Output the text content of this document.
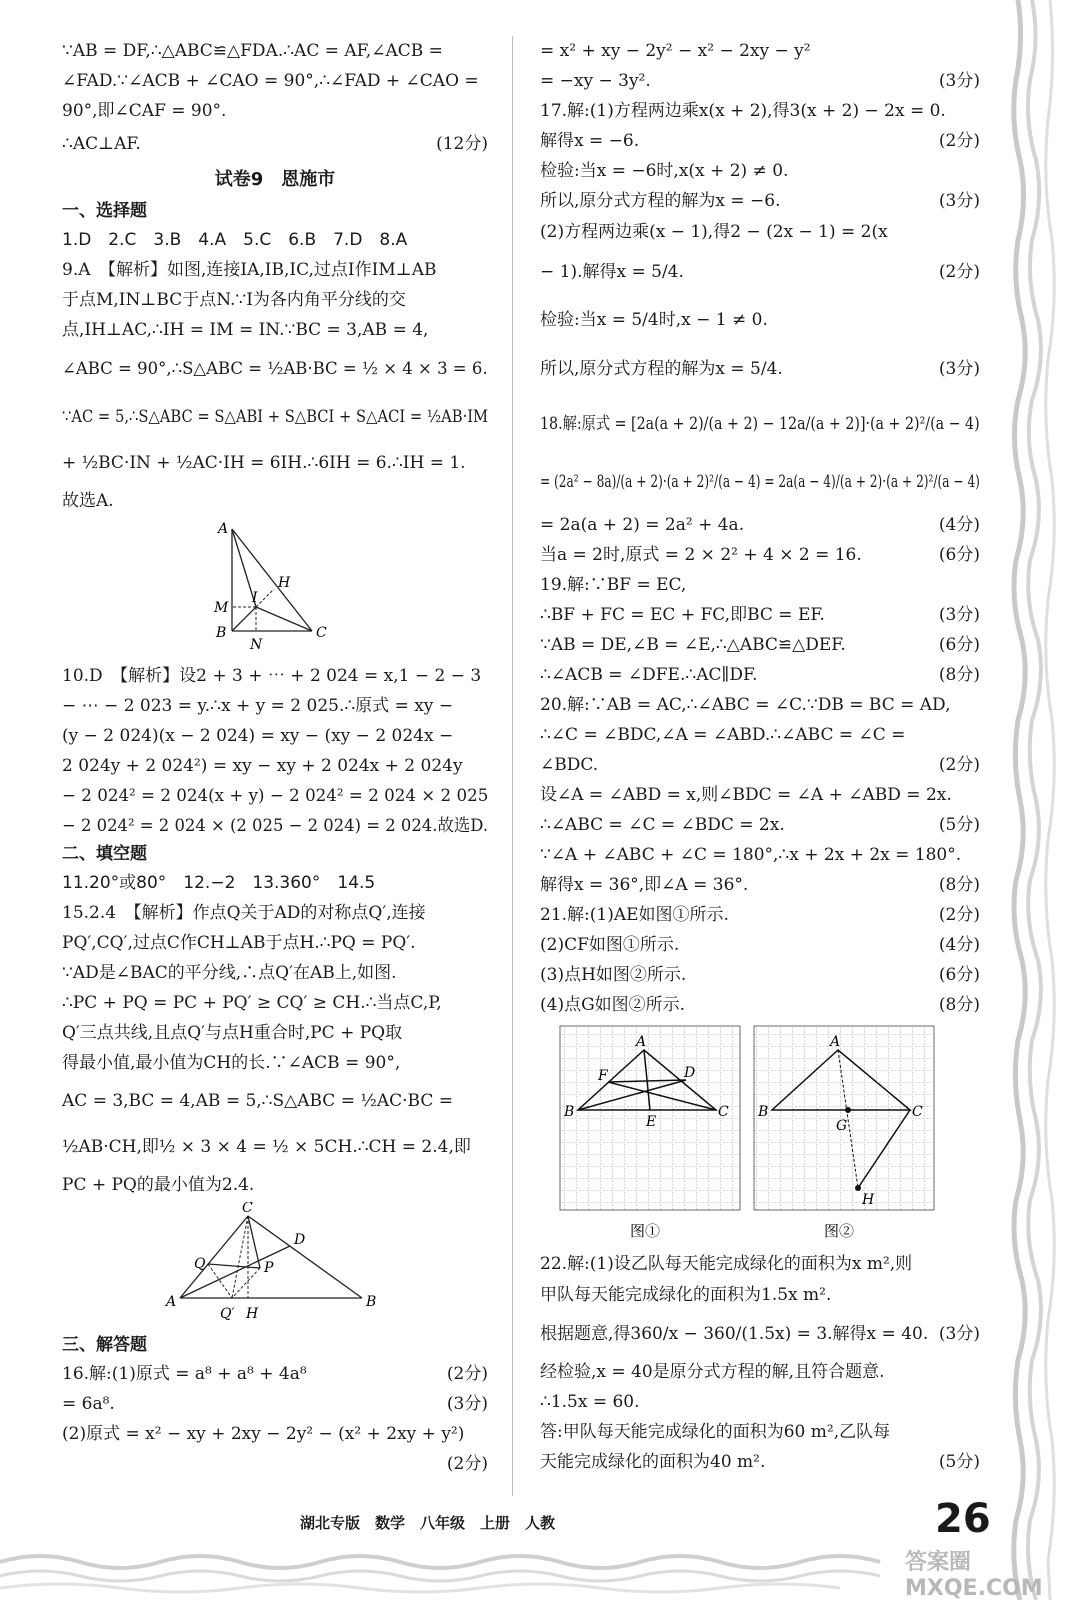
∵AB = DF,∴△ABC≌△FDA.∴AC = AF,∠ACB =
∠FAD.∵∠ACB + ∠CAO = 90°,∴∠FAD + ∠CAO =
90°,即∠CAF = 90°.
∴AC⊥AF.	(12分)
试卷9　恩施市
一、选择题
1.D　2.C　3.B　4.A　5.C　6.B　7.D　8.A
9.A　【解析】如图,连接IA,IB,IC,过点I作IM⊥AB
于点M,IN⊥BC于点N.∵I为各内角平分线的交
点,IH⊥AC,∴IH = IM = IN.∵BC = 3,AB = 4,
∠ABC = 90°,∴S△ABC = ½AB·BC = ½ × 4 × 3 = 6.
∵AC = 5,∴S△ABC = S△ABI + S△BCI + S△ACI = ½AB·IM
+ ½BC·IN + ½AC·IH = 6IH.∴6IH = 6.∴IH = 1.
故选A.
A
H
I
M
B
N
C
10.D　【解析】设2 + 3 + ⋯ + 2 024 = x,1 − 2 − 3
− ⋯ − 2 023 = y.∴x + y = 2 025.∴原式 = xy −
(y − 2 024)(x − 2 024) = xy − (xy − 2 024x −
2 024y + 2 024²) = xy − xy + 2 024x + 2 024y
− 2 024² = 2 024(x + y) − 2 024² = 2 024 × 2 025
− 2 024² = 2 024 × (2 025 − 2 024) = 2 024.故选D.
二、填空题
11.20°或80°　12.−2　13.360°　14.5
15.2.4　【解析】作点Q关于AD的对称点Q′,连接
PQ′,CQ′,过点C作CH⊥AB于点H.∴PQ = PQ′.
∵AD是∠BAC的平分线,∴点Q′在AB上,如图.
∴PC + PQ = PC + PQ′ ≥ CQ′ ≥ CH.∴当点C,P,
Q′三点共线,且点Q′与点H重合时,PC + PQ取
得最小值,最小值为CH的长.∵∠ACB = 90°,
AC = 3,BC = 4,AB = 5,∴S△ABC = ½AC·BC =
½AB·CH,即½ × 3 × 4 = ½ × 5CH.∴CH = 2.4,即
PC + PQ的最小值为2.4.
C
D
Q	P
A
Q′ H
B
三、解答题
16.解:(1)原式 = a⁸ + a⁸ + 4a⁸	(2分)
= 6a⁸.	(3分)
(2)原式 = x² − xy + 2xy − 2y² − (x² + 2xy + y²)
(2分)
= x² + xy − 2y² − x² − 2xy − y²
= −xy − 3y².	(3分)
17.解:(1)方程两边乘x(x + 2),得3(x + 2) − 2x = 0.
解得x = −6.	(2分)
检验:当x = −6时,x(x + 2) ≠ 0.
所以,原分式方程的解为x = −6.	(3分)
(2)方程两边乘(x − 1),得2 − (2x − 1) = 2(x
− 1).解得x = 5/4.	(2分)
检验:当x = 5/4时,x − 1 ≠ 0.
所以,原分式方程的解为x = 5/4.	(3分)
18.解:原式 = [2a(a + 2)/(a + 2) − 12a/(a + 2)]·(a + 2)²/(a − 4)
= (2a² − 8a)/(a + 2)·(a + 2)²/(a − 4) = 2a(a − 4)/(a + 2)·(a + 2)²/(a − 4)
= 2a(a + 2) = 2a² + 4a.	(4分)
当a = 2时,原式 = 2 × 2² + 4 × 2 = 16.	(6分)
19.解:∵BF = EC,
∴BF + FC = EC + FC,即BC = EF.	(3分)
∵AB = DE,∠B = ∠E,∴△ABC≌△DEF.	(6分)
∴∠ACB = ∠DFE.∴AC∥DF.	(8分)
20.解:∵AB = AC,∴∠ABC = ∠C.∵DB = BC = AD,
∴∠C = ∠BDC,∠A = ∠ABD.∴∠ABC = ∠C =
∠BDC.	(2分)
设∠A = ∠ABD = x,则∠BDC = ∠A + ∠ABD = 2x.
∴∠ABC = ∠C = ∠BDC = 2x.	(5分)
∵∠A + ∠ABC + ∠C = 180°,∴x + 2x + 2x = 180°.
解得x = 36°,即∠A = 36°.	(8分)
21.解:(1)AE如图①所示.	(2分)
(2)CF如图①所示.	(4分)
(3)点H如图②所示.	(6分)
(4)点G如图②所示.	(8分)
A
D
F
B	C
E
A
B	C
G
H
图①	图②
22.解:(1)设乙队每天能完成绿化的面积为x m²,则
甲队每天能完成绿化的面积为1.5x m².
根据题意,得360/x − 360/(1.5x) = 3.解得x = 40. (3分)
经检验,x = 40是原分式方程的解,且符合题意.
∴1.5x = 60.
答:甲队每天能完成绿化的面积为60 m²,乙队每
天能完成绿化的面积为40 m².	(5分)
湖北专版　数学　八年级　上册　人教	26
答案圈 MXQE.COM
